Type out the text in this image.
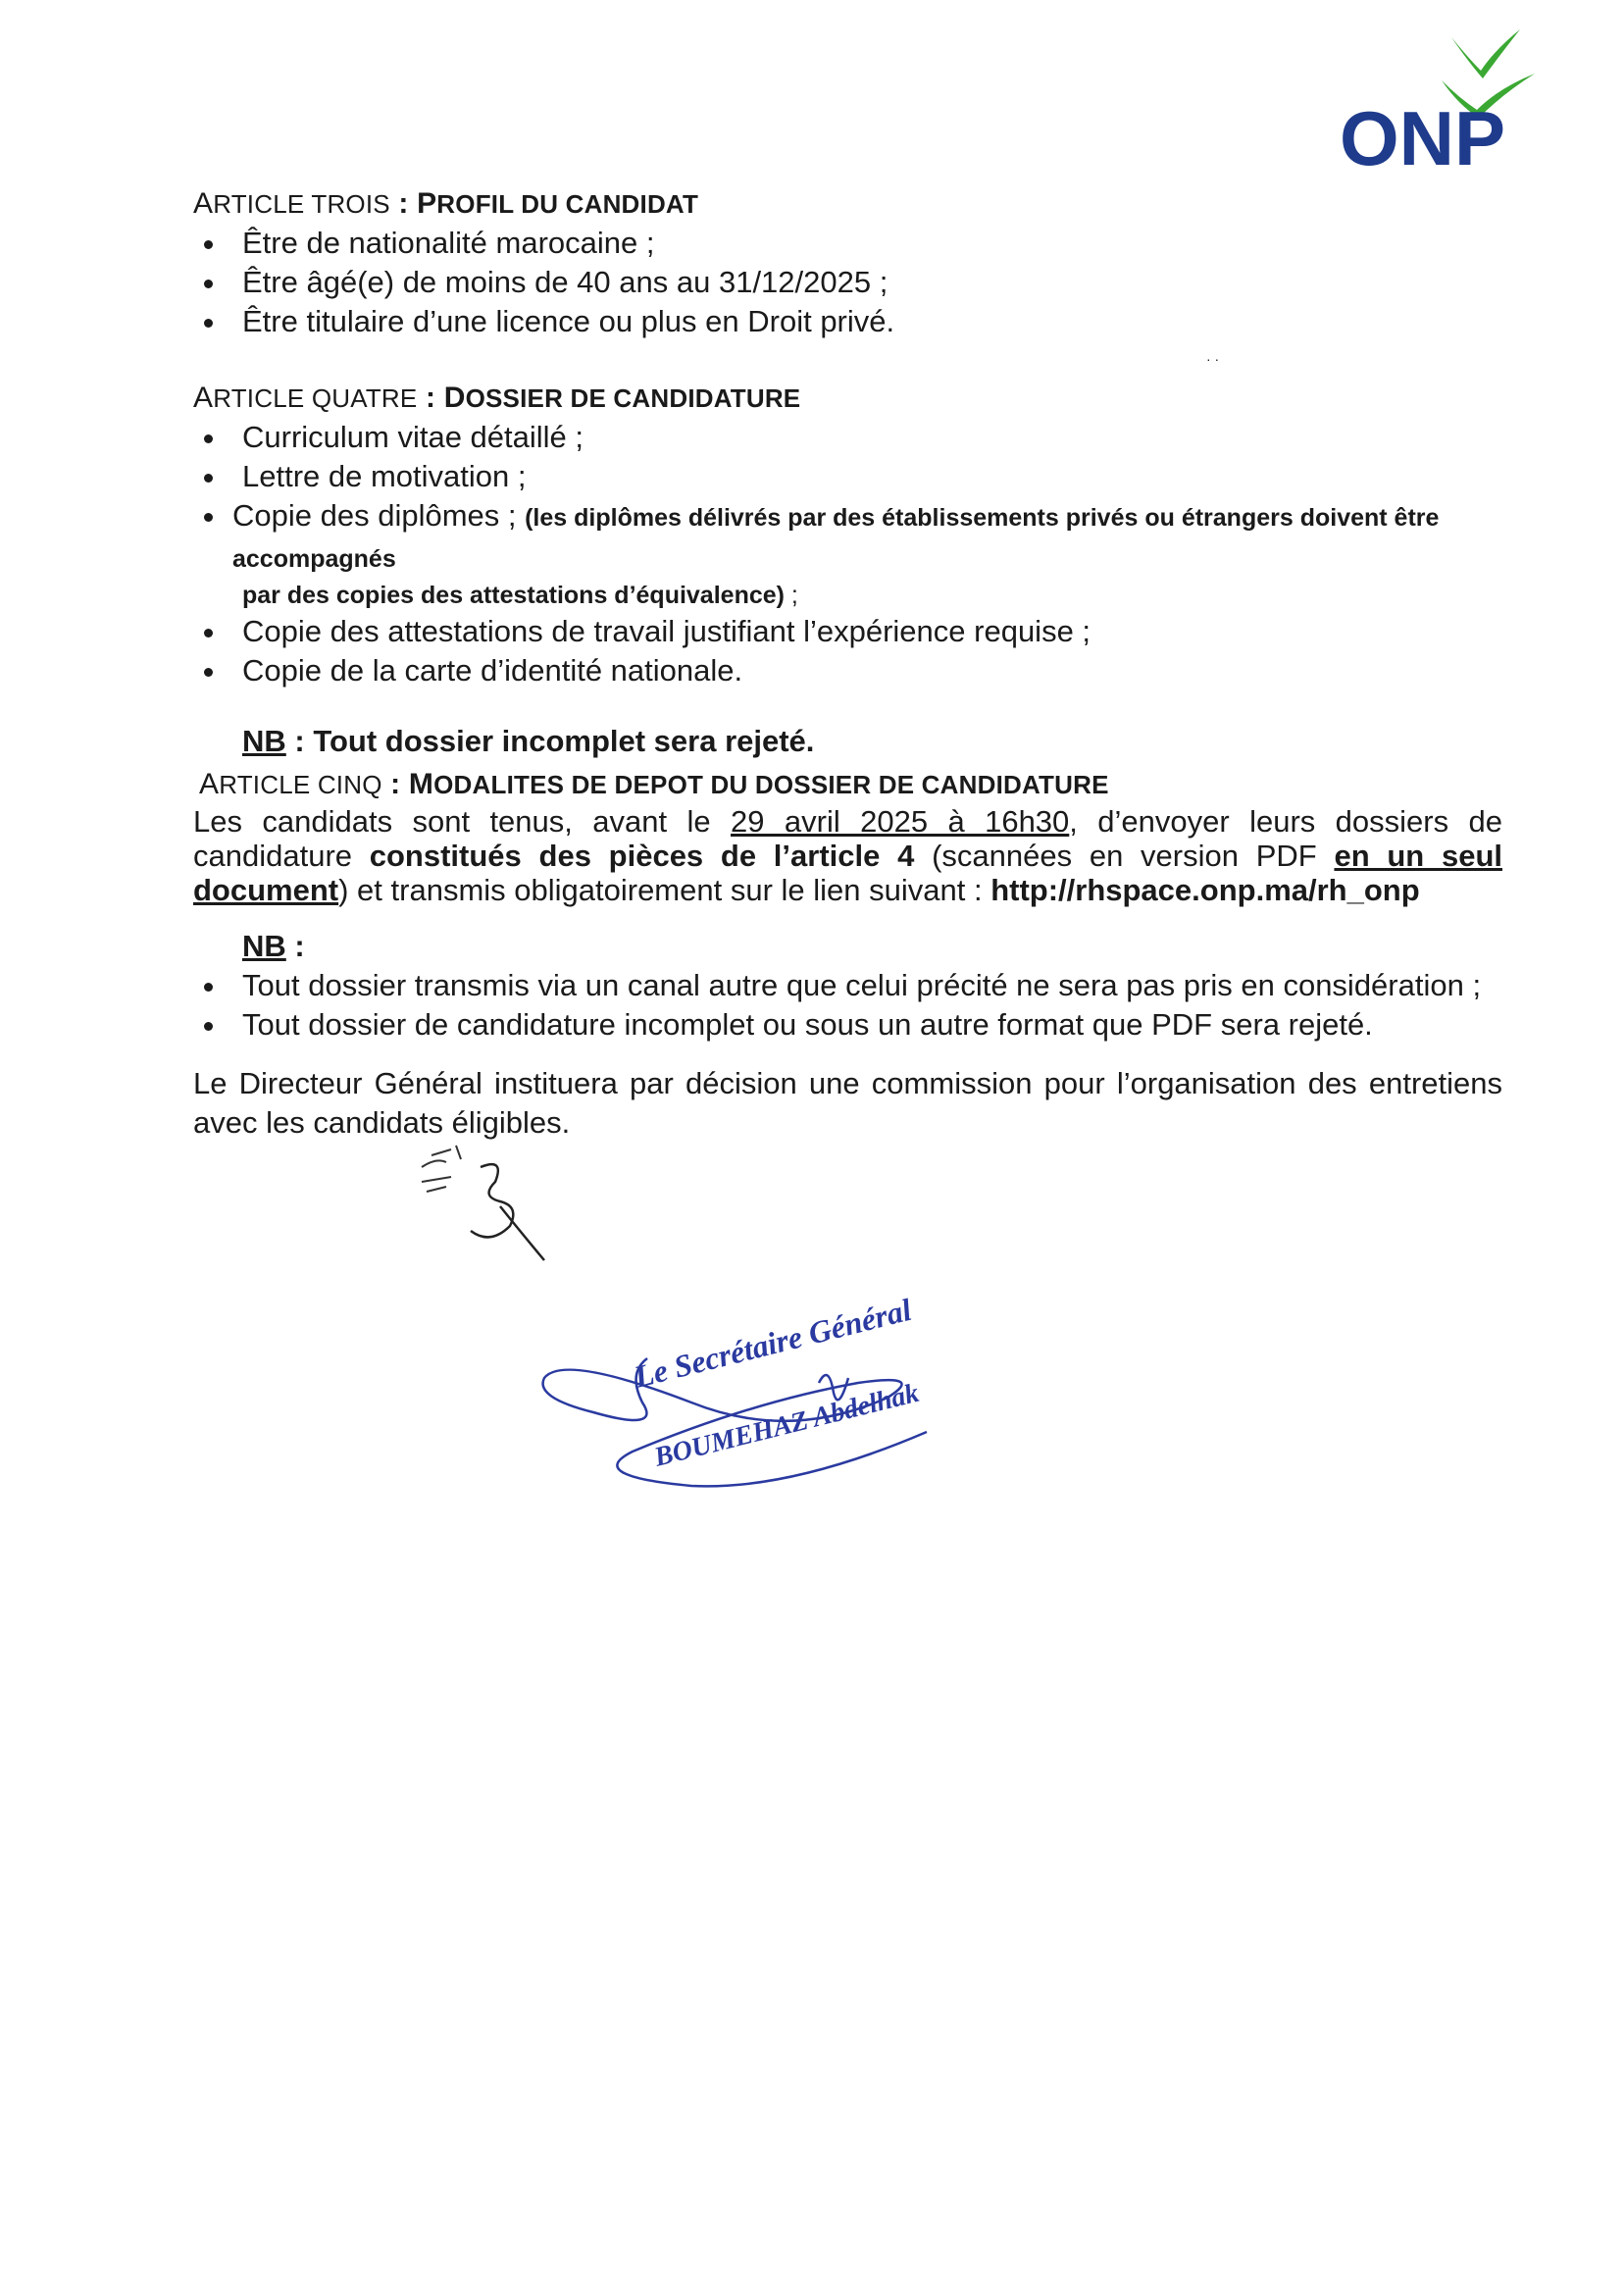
ONP
ARTICLE TROIS : PROFIL DU CANDIDAT
Être de nationalité marocaine ;
Être âgé(e) de moins de 40 ans au 31/12/2025 ;
Être titulaire d’une licence ou plus en Droit privé.
· ·
ARTICLE QUATRE : DOSSIER DE CANDIDATURE
Curriculum vitae détaillé ;
Lettre de motivation ;
Copie des diplômes ; (les diplômes délivrés par des établissements privés ou étrangers doivent être accompagnés
par des copies des attestations d’équivalence) ;
Copie des attestations de travail justifiant l’expérience requise ;
Copie de la carte d’identité nationale.
NB : Tout dossier incomplet sera rejeté.
ARTICLE CINQ : MODALITES DE DEPOT DU DOSSIER DE CANDIDATURE
Les candidats sont tenus, avant le 29 avril 2025 à 16h30, d’envoyer leurs dossiers de candidature constitués des pièces de l’article 4 (scannées en version PDF en un seul document) et transmis obligatoirement sur le lien suivant : http://rhspace.onp.ma/rh_onp
NB :
Tout dossier transmis via un canal autre que celui précité ne sera pas pris en considération ;
Tout dossier de candidature incomplet ou sous un autre format que PDF sera rejeté.
Le Directeur Général instituera par décision une commission pour l’organisation des entretiens avec les candidats éligibles.
Le Secrétaire Général
BOUMEHAZ Abdelhak
